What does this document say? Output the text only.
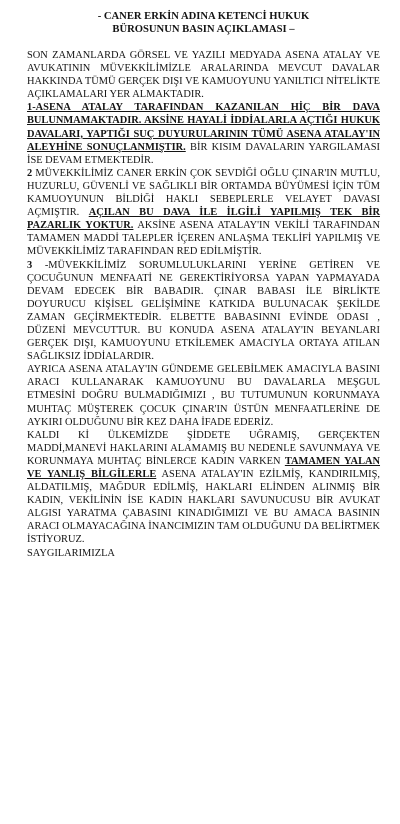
- CANER ERKİN ADINA KETENCİ HUKUK
BÜROSUNUN BASIN AÇIKLAMASI –

SON ZAMANLARDA GÖRSEL VE YAZILI MEDYADA ASENA ATALAY VE AVUKATININ MÜVEKKİLİMİZLE ARALARINDA MEVCUT DAVALAR HAKKINDA TÜMÜ GERÇEK DIŞI VE KAMUOYUNU YANILTICI NİTELİKTE AÇIKLAMALARI YER ALMAKTADIR.

1-ASENA ATALAY TARAFINDAN KAZANILAN HİÇ BİR DAVA BULUNMAMAKTADIR. AKSİNE HAYALİ İDDİALARLA AÇTIĞI HUKUK DAVALARI, YAPTIĞI SUÇ DUYURULARININ TÜMÜ ASENA ATALAY'IN ALEYHİNE SONUÇLANMIŞTIR. BİR KISIM DAVALARIN YARGILAMASI İSE DEVAM ETMEKTEDİR.

2 MÜVEKKİLİMİZ CANER ERKİN ÇOK SEVDİĞİ OĞLU ÇINAR'IN MUTLU, HUZURLU, GÜVENLİ VE SAĞLIKLI BİR ORTAMDA BÜYÜMESİ İÇİN TÜM KAMUOYUNUN BİLDİĞİ HAKLI SEBEPLERLE VELAYET DAVASI AÇMIŞTIR. AÇILAN BU DAVA İLE İLGİLİ YAPILMIŞ TEK BİR PAZARLIK YOKTUR. AKSİNE ASENA ATALAY'IN VEKİLİ TARAFINDAN TAMAMEN MADDİ TALEPLER İÇEREN ANLAŞMA TEKLİFİ YAPILMIŞ VE MÜVEKKİLİMİZ TARAFINDAN RED EDİLMİŞTİR.

3 -MÜVEKKİLİMİZ SORUMLULUKLARINI YERİNE GETİREN VE ÇOCUĞUNUN MENFAATİ NE GEREKTİRİYORSA YAPAN YAPMAYADA DEVAM EDECEK BİR BABADIR. ÇINAR BABASI İLE BİRLİKTE DOYURUCU KİŞİSEL GELİŞİMİNE KATKIDA BULUNACAK ŞEKİLDE ZAMAN GEÇİRMEKTEDİR. ELBETTE BABASINNI EVİNDE ODASI , DÜZENİ MEVCUTTUR. BU KONUDA ASENA ATALAY'IN BEYANLARI GERÇEK DIŞI, KAMUOYUNU ETKİLEMEK AMACIYLA ORTAYA ATILAN SAĞLIKSIZ İDDİALARDIR.

AYRICA ASENA ATALAY'IN GÜNDEME GELEBİLMEK AMACIYLA BASINI ARACI KULLANARAK KAMUOYUNU BU DAVALARLA MEŞGUL ETMESİNİ DOĞRU BULMADIĞIMIZI , BU TUTUMUNUN KORUNMAYA MUHTAÇ MÜŞTEREK ÇOCUK ÇINAR'IN ÜSTÜN MENFAATLERİNE DE AYKIRI OLDUĞUNU BİR KEZ DAHA İFADE EDERİZ.

KALDI Kİ ÜLKEMİZDE ŞİDDETE UĞRAMIŞ, GERÇEKTEN MADDİ,MANEVİ HAKLARINI ALAMAMIŞ BU NEDENLE SAVUNMAYA VE KORUNMAYA MUHTAÇ BİNLERCE KADIN VARKEN TAMAMEN YALAN VE YANLIŞ BİLGİLERLE ASENA ATALAY'IN EZİLMİŞ, KANDIRILMIŞ, ALDATILMIŞ, MAĞDUR EDİLMİŞ, HAKLARI ELİNDEN ALINMIŞ BİR KADIN, VEKİLİNİN İSE KADIN HAKLARI SAVUNUCUSU BİR AVUKAT ALGISI YARATMA ÇABASINI KINADIĞIMIZI VE BU AMACA BASININ ARACI OLMAYACAĞINA İNANCIMIZIN TAM OLDUĞUNU DA BELİRTMEK İSTİYORUZ.

SAYGILARIMIZLA
